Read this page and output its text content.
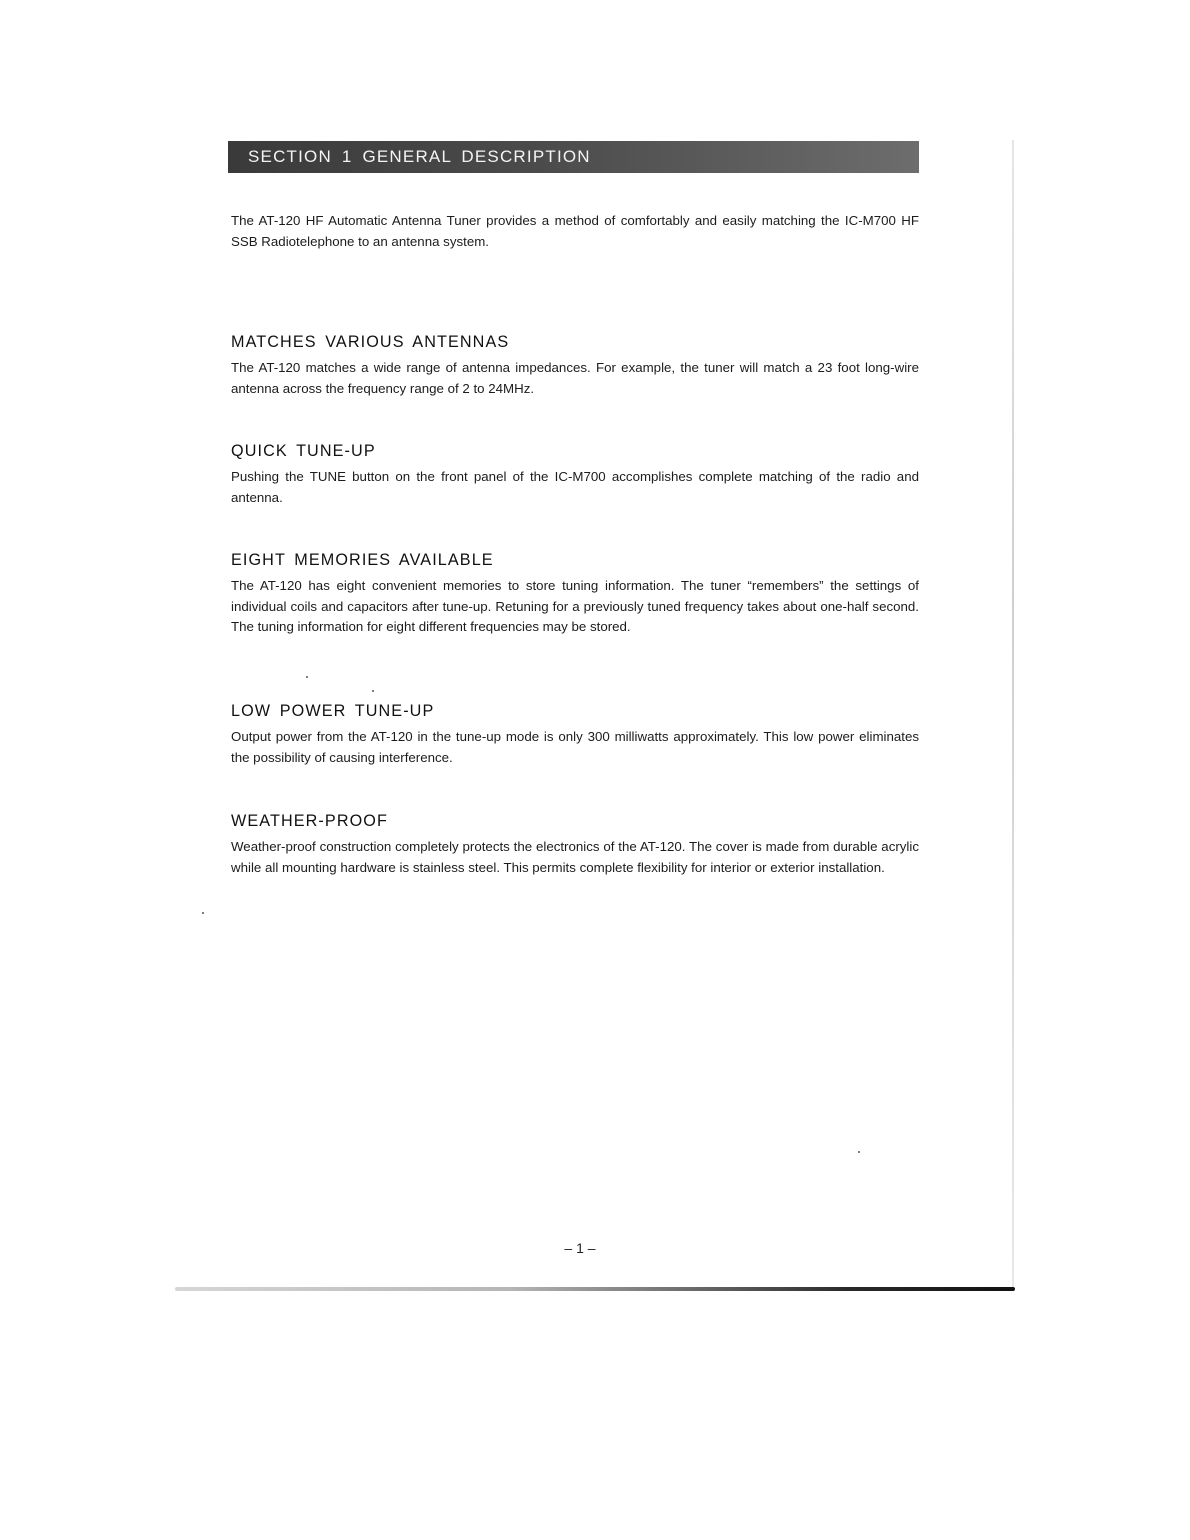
SECTION 1 GENERAL DESCRIPTION

The AT-120 HF Automatic Antenna Tuner provides a method of comfortably and easily matching the IC-M700 HF SSB Radiotelephone to an antenna system.

MATCHES VARIOUS ANTENNAS

The AT-120 matches a wide range of antenna impedances. For example, the tuner will match a 23 foot long-wire antenna across the frequency range of 2 to 24MHz.

QUICK TUNE-UP

Pushing the TUNE button on the front panel of the IC-M700 accomplishes complete matching of the radio and antenna.

EIGHT MEMORIES AVAILABLE

The AT-120 has eight convenient memories to store tuning information. The tuner “remembers” the settings of individual coils and capacitors after tune-up. Retuning for a previously tuned frequency takes about one-half second. The tuning information for eight different frequencies may be stored.

LOW POWER TUNE-UP

Output power from the AT-120 in the tune-up mode is only 300 milliwatts approximately. This low power eliminates the possibility of causing interference.

WEATHER-PROOF

Weather-proof construction completely protects the electronics of the AT-120. The cover is made from durable acrylic while all mounting hardware is stainless steel. This permits complete flexibility for interior or exterior installation.

– 1 –
